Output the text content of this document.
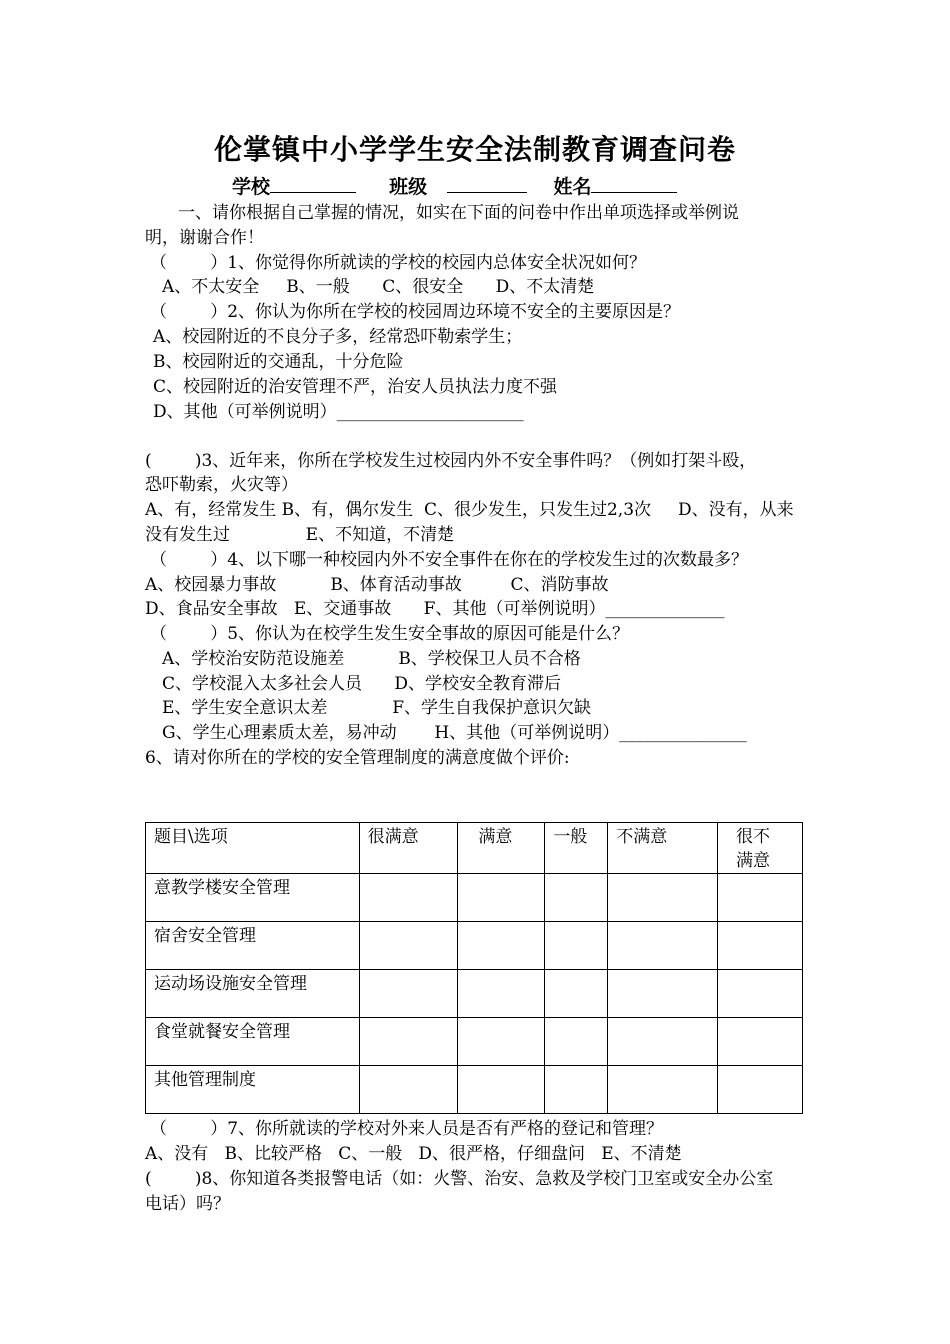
伦掌镇中小学学生安全法制教育调查问卷
学校	班级	姓名
一、请你根据自己掌握的情况，如实在下面的问卷中作出单项选择或举例说
明，谢谢合作！
（        ）1、你觉得你所就读的学校的校园内总体安全状况如何？
A、不太安全     B、一般      C、很安全      D、不太清楚
（        ）2、你认为你所在学校的校园周边环境不安全的主要原因是？
A、校园附近的不良分子多，经常恐吓勒索学生；
B、校园附近的交通乱，十分危险
C、校园附近的治安管理不严，治安人员执法力度不强
D、其他（可举例说明）______________________
(        )3、近年来，你所在学校发生过校园内外不安全事件吗？（例如打架斗殴，
恐吓勒索，火灾等）
A、有，经常发生 B、有，偶尔发生  C、很少发生，只发生过2,3次     D、没有，从来
没有发生过              E、不知道，不清楚
（        ）4、以下哪一种校园内外不安全事件在你在的学校发生过的次数最多？
A、校园暴力事故          B、体育活动事故         C、消防事故
D、食品安全事故   E、交通事故      F、其他（可举例说明）______________
（        ）5、你认为在校学生发生安全事故的原因可能是什么？
A、学校治安防范设施差          B、学校保卫人员不合格
C、学校混入太多社会人员      D、学校安全教育滞后
E、学生安全意识太差            F、学生自我保护意识欠缺
G、学生心理素质太差，易冲动       H、其他（可举例说明）_______________
6、请对你所在的学校的安全管理制度的满意度做个评价:
题目\选项	很满意	满意	一般	不满意	很不满意
意教学楼安全管理					
宿舍安全管理					
运动场设施安全管理					
食堂就餐安全管理					
其他管理制度					
（        ）7、你所就读的学校对外来人员是否有严格的登记和管理？
A、没有   B、比较严格   C、一般   D、很严格，仔细盘问   E、不清楚
(        )8、你知道各类报警电话（如：火警、治安、急救及学校门卫室或安全办公室
电话）吗？
